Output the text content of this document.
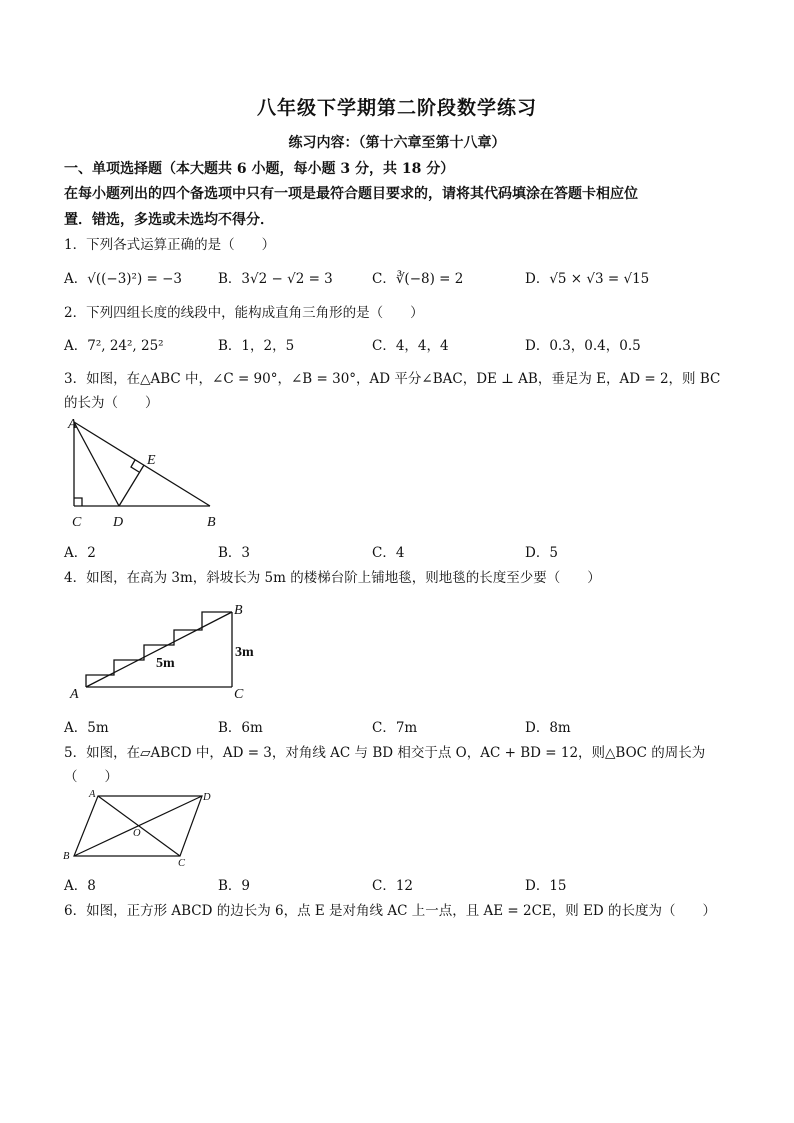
八年级下学期第二阶段数学练习
练习内容：（第十六章至第十八章）
一、单项选择题（本大题共 6 小题，每小题 3 分，共 18 分）
在每小题列出的四个备选项中只有一项是最符合题目要求的，请将其代码填涂在答题卡相应位
置．错选，多选或未选均不得分．
1．下列各式运算正确的是（　　）
A．√((−3)²) = −3	B．3√2 − √2 = 3	C．∛(−8) = 2	D．√5 × √3 = √15
2．下列四组长度的线段中，能构成直角三角形的是（　　）
A．7², 24², 25²	B．1，2，5	C．4，4，4	D．0.3，0.4，0.5
3．如图，在△ABC 中，∠C = 90°，∠B = 30°，AD 平分∠BAC，DE ⊥ AB，垂足为 E，AD = 2，则 BC
的长为（　　）
A
C D	B
E
A．2	B．3	C．4	D．5
4．如图，在高为 3m，斜坡长为 5m 的楼梯台阶上铺地毯，则地毯的长度至少要（　　）
A	C
B
5m
3m
A．5m	B．6m	C．7m	D．8m
5．如图，在▱ABCD 中，AD = 3，对角线 AC 与 BD 相交于点 O，AC + BD = 12，则△BOC 的周长为
（　　）
A	D
B
C
O
A．8	B．9	C．12	D．15
6．如图，正方形 ABCD 的边长为 6，点 E 是对角线 AC 上一点，且 AE = 2CE，则 ED 的长度为（　　）
